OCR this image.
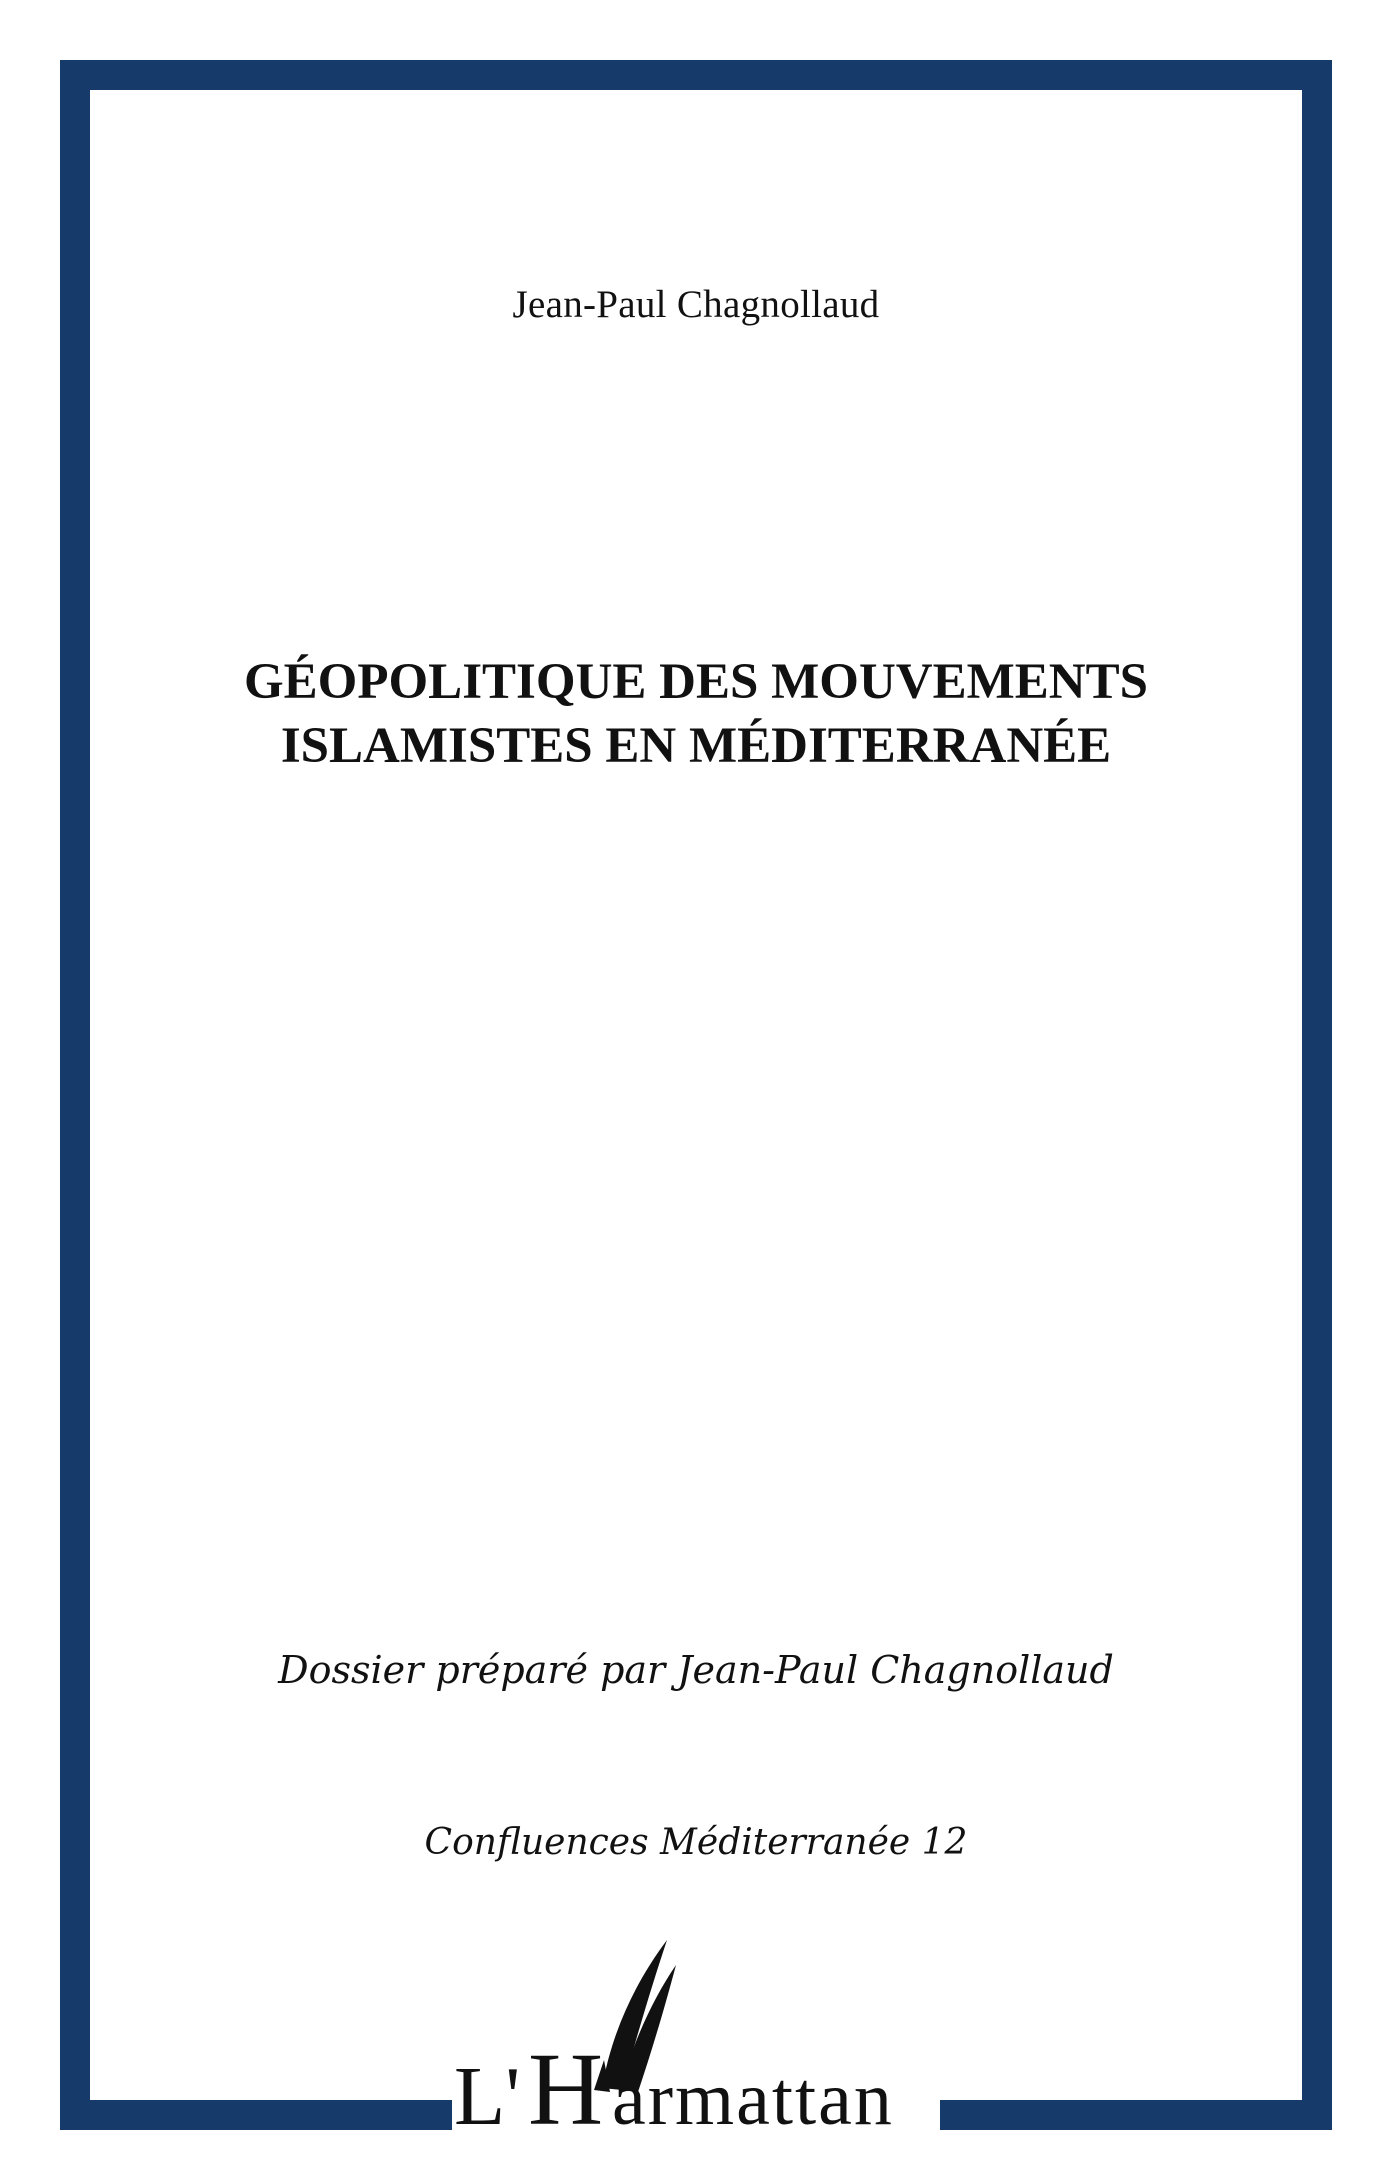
Jean-Paul Chagnollaud
GÉOPOLITIQUE DES MOUVEMENTS
ISLAMISTES EN MÉDITERRANÉE
Dossier préparé par Jean-Paul Chagnollaud
Confluences Méditerranée 12
L' H armattan
